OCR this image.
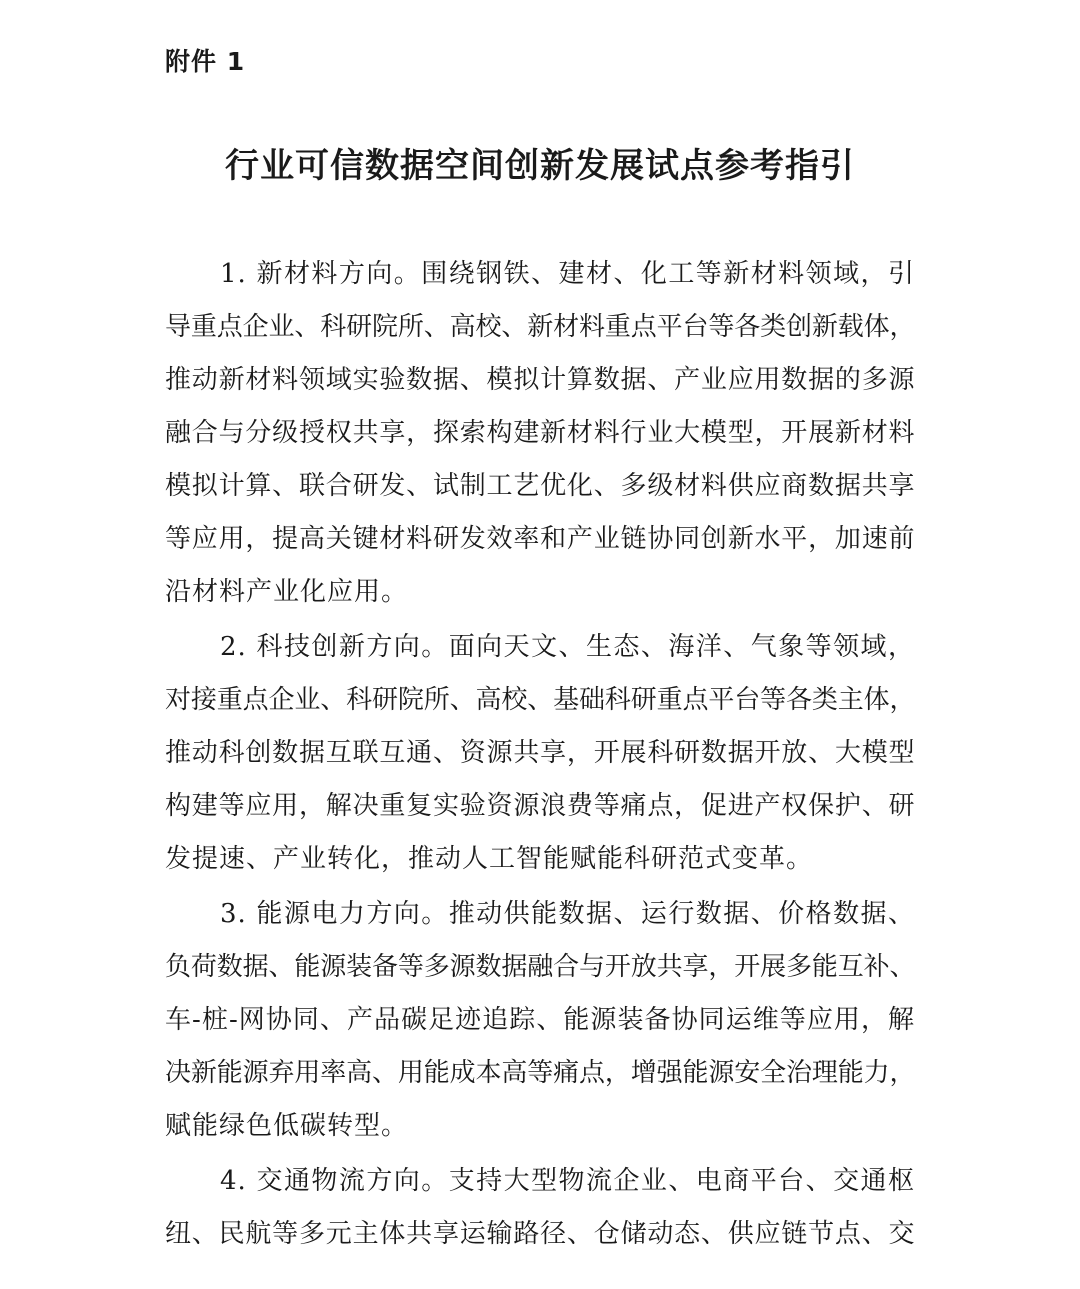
附件 1
行业可信数据空间创新发展试点参考指引
1. 新材料方向。围绕钢铁、建材、化工等新材料领域，引
导重点企业、科研院所、高校、新材料重点平台等各类创新载体，
推动新材料领域实验数据、模拟计算数据、产业应用数据的多源
融合与分级授权共享，探索构建新材料行业大模型，开展新材料
模拟计算、联合研发、试制工艺优化、多级材料供应商数据共享
等应用，提高关键材料研发效率和产业链协同创新水平，加速前
沿材料产业化应用。
2. 科技创新方向。面向天文、生态、海洋、气象等领域，
对接重点企业、科研院所、高校、基础科研重点平台等各类主体，
推动科创数据互联互通、资源共享，开展科研数据开放、大模型
构建等应用，解决重复实验资源浪费等痛点，促进产权保护、研
发提速、产业转化，推动人工智能赋能科研范式变革。
3. 能源电力方向。推动供能数据、运行数据、价格数据、
负荷数据、能源装备等多源数据融合与开放共享，开展多能互补、
车-桩-网协同、产品碳足迹追踪、能源装备协同运维等应用，解
决新能源弃用率高、用能成本高等痛点，增强能源安全治理能力，
赋能绿色低碳转型。
4. 交通物流方向。支持大型物流企业、电商平台、交通枢
纽、民航等多元主体共享运输路径、仓储动态、供应链节点、交
